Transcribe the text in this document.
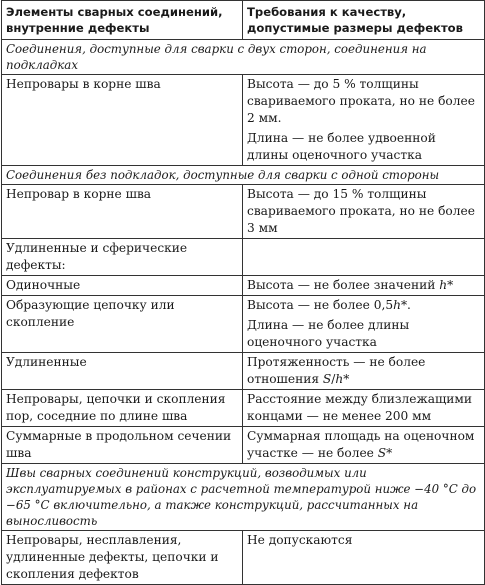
Элементы сварных соединений, внутренние дефекты	Требования к качеству, допустимые размеры дефектов
Соединения, доступные для сварки с двух сторон, соединения на подкладках	
Непровары в корне шва	Высота — до 5 % толщины свариваемого проката, но не более 2 мм.
Длина — не более удвоенной длины оценочного участка

Соединения без подкладок, доступные для сварки с одной стороны	
Непровар в корне шва	Высота — до 15 % толщины свариваемого проката, но не более 3 мм

Удлиненные и сферические дефекты:	
Одиночные	Высота — не более значений h*

Образующие цепочку или скопление	Высота — не более 0,5h*.
Длина — не более длины оценочного участка

Удлиненные	Протяженность — не более отношения S/h*

Непровары, цепочки и скопления пор, соседние по длине шва	Расстояние между близлежащими концами — не менее 200 мм

Суммарные в продольном сечении шва	Суммарная площадь на оценочном участке — не более S*

Швы сварных соединений конструкций, возводимых или эксплуатируемых в районах с расчетной температурой ниже −40 °С до −65 °С включительно, а также конструкций, рассчитанных на выносливость	
Непровары, несплавления, удлиненные дефекты, цепочки и скопления дефектов	Не допускаются
